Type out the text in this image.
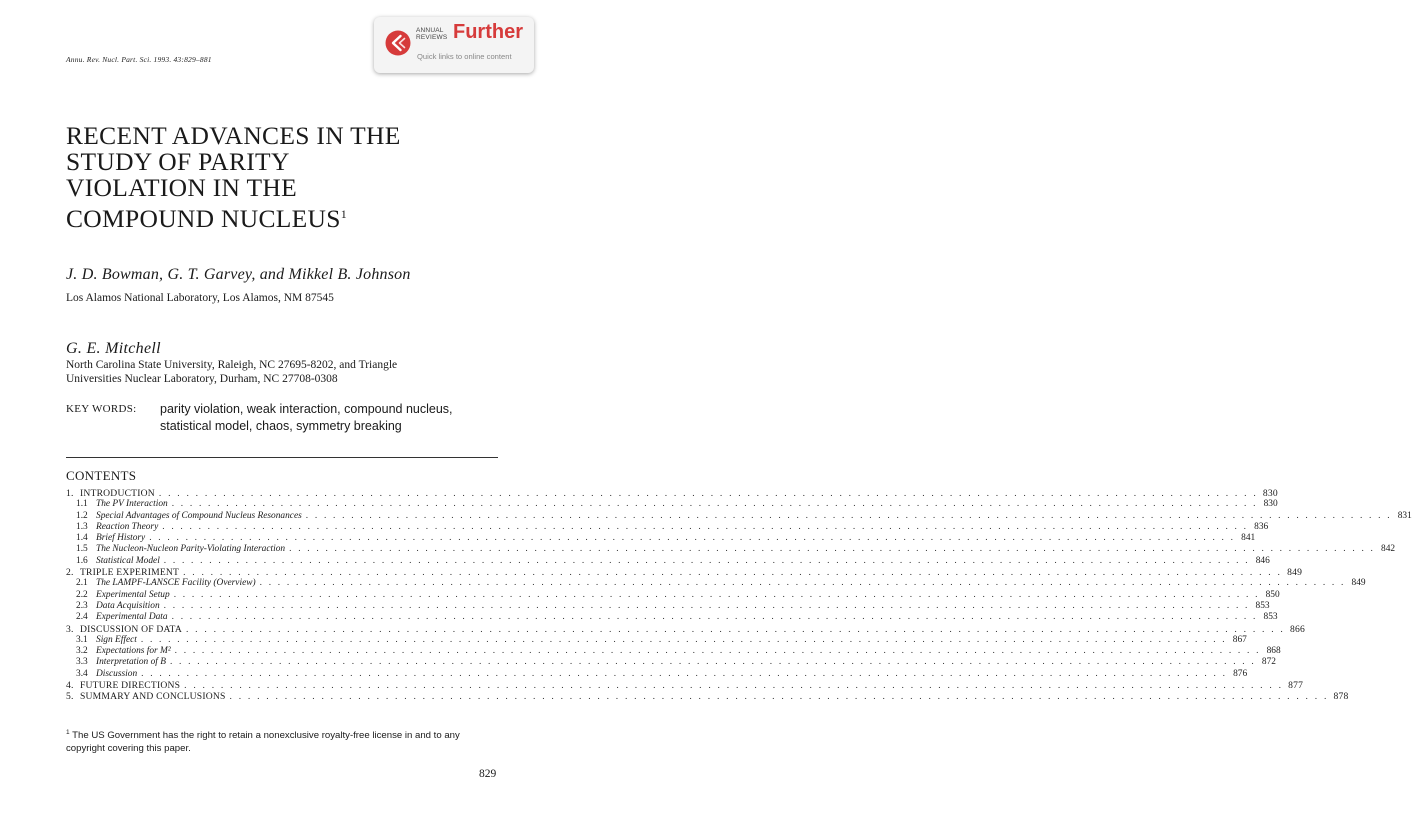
Annu. Rev. Nucl. Part. Sci. 1993. 43:829–881
ANNUAL
REVIEWS Further
Quick links to online content
RECENT ADVANCES IN THE
STUDY OF PARITY
VIOLATION IN THE
COMPOUND NUCLEUS$^1$
J. D. Bowman, G. T. Garvey, and Mikkel B. Johnson
Los Alamos National Laboratory, Los Alamos, NM 87545
G. E. Mitchell
North Carolina State University, Raleigh, NC 27695-8202, and Triangle
Universities Nuclear Laboratory, Durham, NC 27708-0308
KEY WORDS: parity violation, weak interaction, compound nucleus,
statistical model, chaos, symmetry breaking
CONTENTS
1. INTRODUCTION . . . . . . . . . . . . . . . . . . . . . . . . . . . . . . . . . . . . . . . . . . . . . . . . . . . . . . . . . . . . . . . . . . . . . . . . . . . . . . . . . . . . . . . . . . . . . . . . . . . . . . . . . . . . . . . . . . . . . . . . 830
1.1 The PV Interaction . . . . . . . . . . . . . . . . . . . . . . . . . . . . . . . . . . . . . . . . . . . . . . . . . . . . . . . . . . . . . . . . . . . . . . . . . . . . . . . . . . . . . . . . . . . . . . . . . . . . . . . . . . . . . . . . . . . . . . . . 830
1.2 Special Advantages of Compound Nucleus Resonances . . . . . . . . . . . . . . . . . . . . . . . . . . . . . . . . . . . . . . . . . . . . . . . . . . . . . . . . . . . . . . . . . . . . . . . . . . . . . . . . . . . . . . . . . . . . . . . . . . . . . . . . . . . . . . . . . . . . . . . . 831
1.3 Reaction Theory . . . . . . . . . . . . . . . . . . . . . . . . . . . . . . . . . . . . . . . . . . . . . . . . . . . . . . . . . . . . . . . . . . . . . . . . . . . . . . . . . . . . . . . . . . . . . . . . . . . . . . . . . . . . . . . . . . . . . . . . 836
1.4 Brief History . . . . . . . . . . . . . . . . . . . . . . . . . . . . . . . . . . . . . . . . . . . . . . . . . . . . . . . . . . . . . . . . . . . . . . . . . . . . . . . . . . . . . . . . . . . . . . . . . . . . . . . . . . . . . . . . . . . . . . . . 841
1.5 The Nucleon-Nucleon Parity-Violating Interaction . . . . . . . . . . . . . . . . . . . . . . . . . . . . . . . . . . . . . . . . . . . . . . . . . . . . . . . . . . . . . . . . . . . . . . . . . . . . . . . . . . . . . . . . . . . . . . . . . . . . . . . . . . . . . . . . . . . . . . . . 842
1.6 Statistical Model . . . . . . . . . . . . . . . . . . . . . . . . . . . . . . . . . . . . . . . . . . . . . . . . . . . . . . . . . . . . . . . . . . . . . . . . . . . . . . . . . . . . . . . . . . . . . . . . . . . . . . . . . . . . . . . . . . . . . . . . 846
2. TRIPLE EXPERIMENT . . . . . . . . . . . . . . . . . . . . . . . . . . . . . . . . . . . . . . . . . . . . . . . . . . . . . . . . . . . . . . . . . . . . . . . . . . . . . . . . . . . . . . . . . . . . . . . . . . . . . . . . . . . . . . . . . . . . . . . . 849
2.1 The LAMPF-LANSCE Facility (Overview) . . . . . . . . . . . . . . . . . . . . . . . . . . . . . . . . . . . . . . . . . . . . . . . . . . . . . . . . . . . . . . . . . . . . . . . . . . . . . . . . . . . . . . . . . . . . . . . . . . . . . . . . . . . . . . . . . . . . . . . . 849
2.2 Experimental Setup . . . . . . . . . . . . . . . . . . . . . . . . . . . . . . . . . . . . . . . . . . . . . . . . . . . . . . . . . . . . . . . . . . . . . . . . . . . . . . . . . . . . . . . . . . . . . . . . . . . . . . . . . . . . . . . . . . . . . . . . 850
2.3 Data Acquisition . . . . . . . . . . . . . . . . . . . . . . . . . . . . . . . . . . . . . . . . . . . . . . . . . . . . . . . . . . . . . . . . . . . . . . . . . . . . . . . . . . . . . . . . . . . . . . . . . . . . . . . . . . . . . . . . . . . . . . . . 853
2.4 Experimental Data . . . . . . . . . . . . . . . . . . . . . . . . . . . . . . . . . . . . . . . . . . . . . . . . . . . . . . . . . . . . . . . . . . . . . . . . . . . . . . . . . . . . . . . . . . . . . . . . . . . . . . . . . . . . . . . . . . . . . . . . 853
3. DISCUSSION OF DATA . . . . . . . . . . . . . . . . . . . . . . . . . . . . . . . . . . . . . . . . . . . . . . . . . . . . . . . . . . . . . . . . . . . . . . . . . . . . . . . . . . . . . . . . . . . . . . . . . . . . . . . . . . . . . . . . . . . . . . . . 866
3.1 Sign Effect . . . . . . . . . . . . . . . . . . . . . . . . . . . . . . . . . . . . . . . . . . . . . . . . . . . . . . . . . . . . . . . . . . . . . . . . . . . . . . . . . . . . . . . . . . . . . . . . . . . . . . . . . . . . . . . . . . . . . . . . 867
3.2 Expectations for M² . . . . . . . . . . . . . . . . . . . . . . . . . . . . . . . . . . . . . . . . . . . . . . . . . . . . . . . . . . . . . . . . . . . . . . . . . . . . . . . . . . . . . . . . . . . . . . . . . . . . . . . . . . . . . . . . . . . . . . . . 868
3.3 Interpretation of B . . . . . . . . . . . . . . . . . . . . . . . . . . . . . . . . . . . . . . . . . . . . . . . . . . . . . . . . . . . . . . . . . . . . . . . . . . . . . . . . . . . . . . . . . . . . . . . . . . . . . . . . . . . . . . . . . . . . . . . . 872
3.4 Discussion . . . . . . . . . . . . . . . . . . . . . . . . . . . . . . . . . . . . . . . . . . . . . . . . . . . . . . . . . . . . . . . . . . . . . . . . . . . . . . . . . . . . . . . . . . . . . . . . . . . . . . . . . . . . . . . . . . . . . . . . 876
4. FUTURE DIRECTIONS . . . . . . . . . . . . . . . . . . . . . . . . . . . . . . . . . . . . . . . . . . . . . . . . . . . . . . . . . . . . . . . . . . . . . . . . . . . . . . . . . . . . . . . . . . . . . . . . . . . . . . . . . . . . . . . . . . . . . . . . 877
5. SUMMARY AND CONCLUSIONS . . . . . . . . . . . . . . . . . . . . . . . . . . . . . . . . . . . . . . . . . . . . . . . . . . . . . . . . . . . . . . . . . . . . . . . . . . . . . . . . . . . . . . . . . . . . . . . . . . . . . . . . . . . . . . . . . . . . . . . . 878
$^1$ The US Government has the right to retain a nonexclusive royalty-free license in and to any copyright covering this paper.
829
